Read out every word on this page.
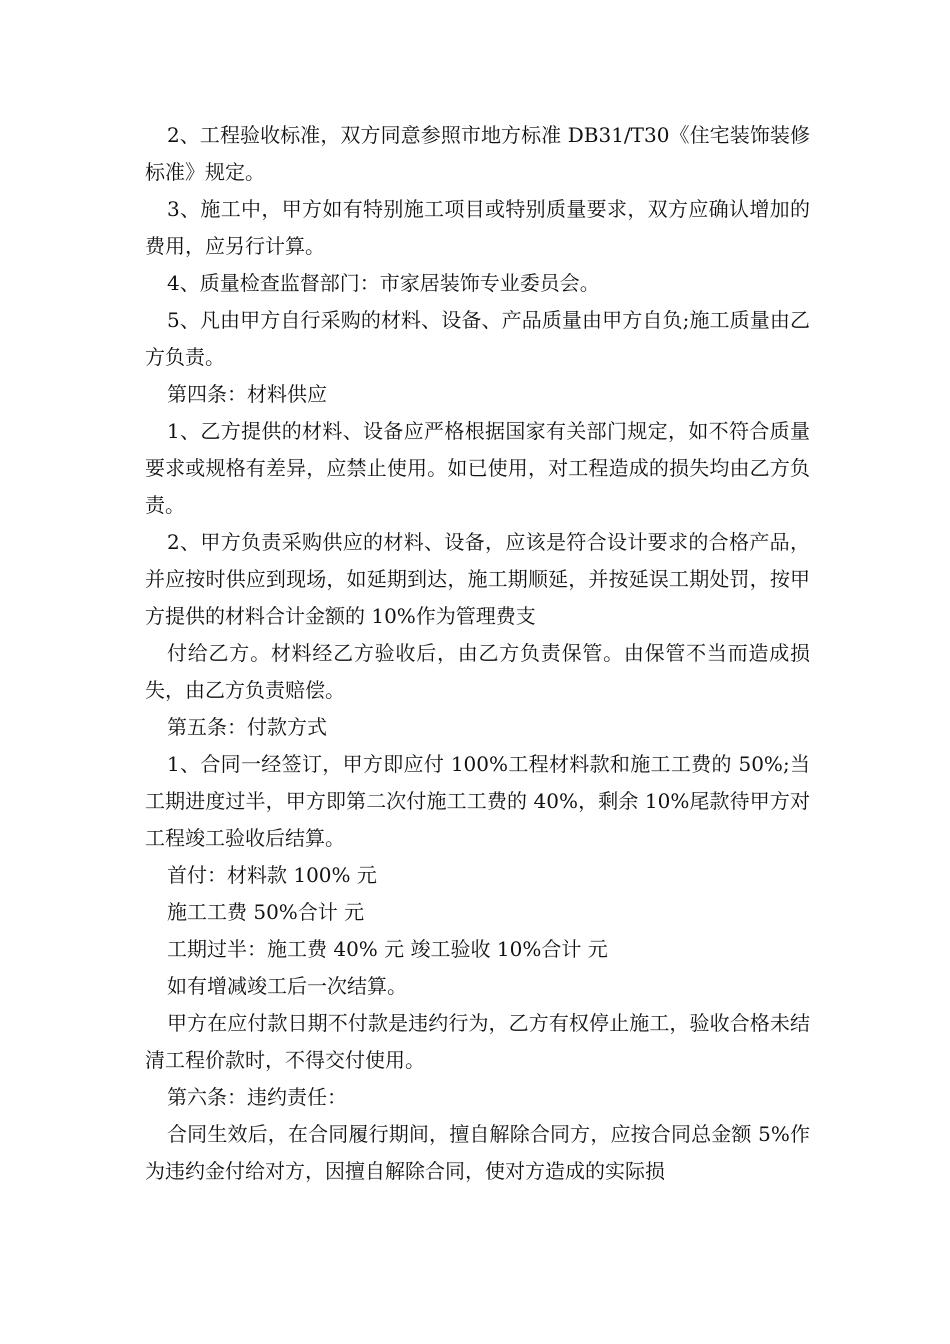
2、工程验收标准，双方同意参照市地方标准 DB31/T30《住宅装饰装修标准》规定。

3、施工中，甲方如有特别施工项目或特别质量要求，双方应确认增加的费用，应另行计算。

4、质量检查监督部门：市家居装饰专业委员会。

5、凡由甲方自行采购的材料、设备、产品质量由甲方自负;施工质量由乙方负责。

第四条：材料供应

1、乙方提供的材料、设备应严格根据国家有关部门规定，如不符合质量要求或规格有差异，应禁止使用。如已使用，对工程造成的损失均由乙方负责。

2、甲方负责采购供应的材料、设备，应该是符合设计要求的合格产品，并应按时供应到现场，如延期到达，施工期顺延，并按延误工期处罚，按甲方提供的材料合计金额的 10%作为管理费支

付给乙方。材料经乙方验收后，由乙方负责保管。由保管不当而造成损失，由乙方负责赔偿。

第五条：付款方式

1、合同一经签订，甲方即应付 100%工程材料款和施工工费的 50%;当工期进度过半，甲方即第二次付施工工费的 40%，剩余 10%尾款待甲方对工程竣工验收后结算。

首付：材料款 100% 元

施工工费 50%合计 元

工期过半：施工费 40% 元 竣工验收 10%合计 元

如有增减竣工后一次结算。

甲方在应付款日期不付款是违约行为，乙方有权停止施工，验收合格未结清工程价款时，不得交付使用。

第六条：违约责任：

合同生效后，在合同履行期间，擅自解除合同方，应按合同总金额 5%作为违约金付给对方，因擅自解除合同，使对方造成的实际损
